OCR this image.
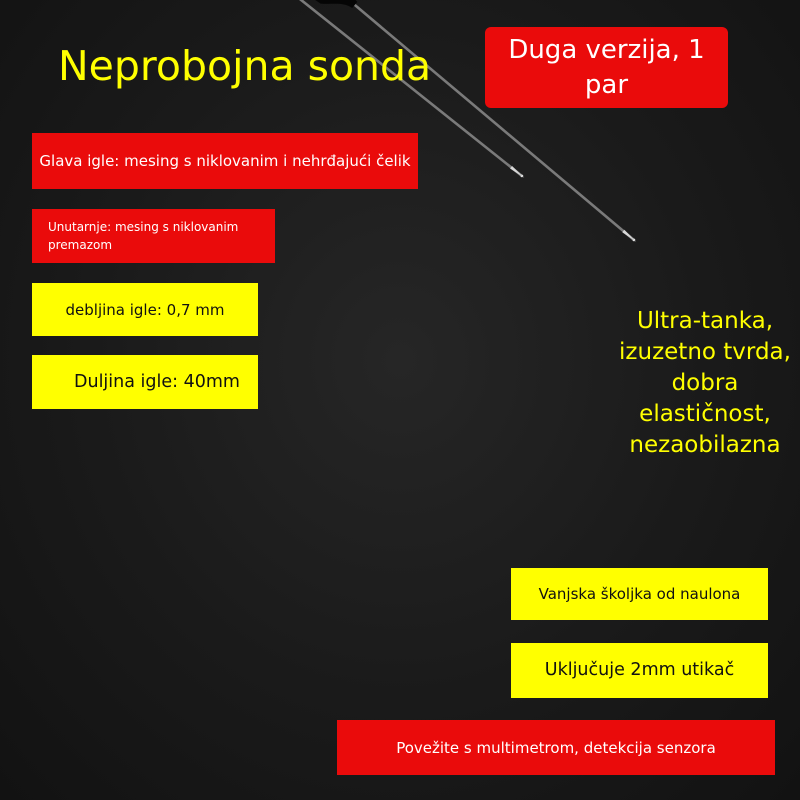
Neprobojna sonda	Duga verzija, 1 par
Glava igle: mesing s niklovanim i nehrđajući čelik
Unutarnje: mesing s niklovanim premazom
debljina igle: 0,7 mm
Duljina igle: 40mm
Ultra-tanka, izuzetno tvrda, dobra elastičnost, nezaobilazna
Vanjska školjka od naulona
Uključuje 2mm utikač
Povežite s multimetrom, detekcija senzora
